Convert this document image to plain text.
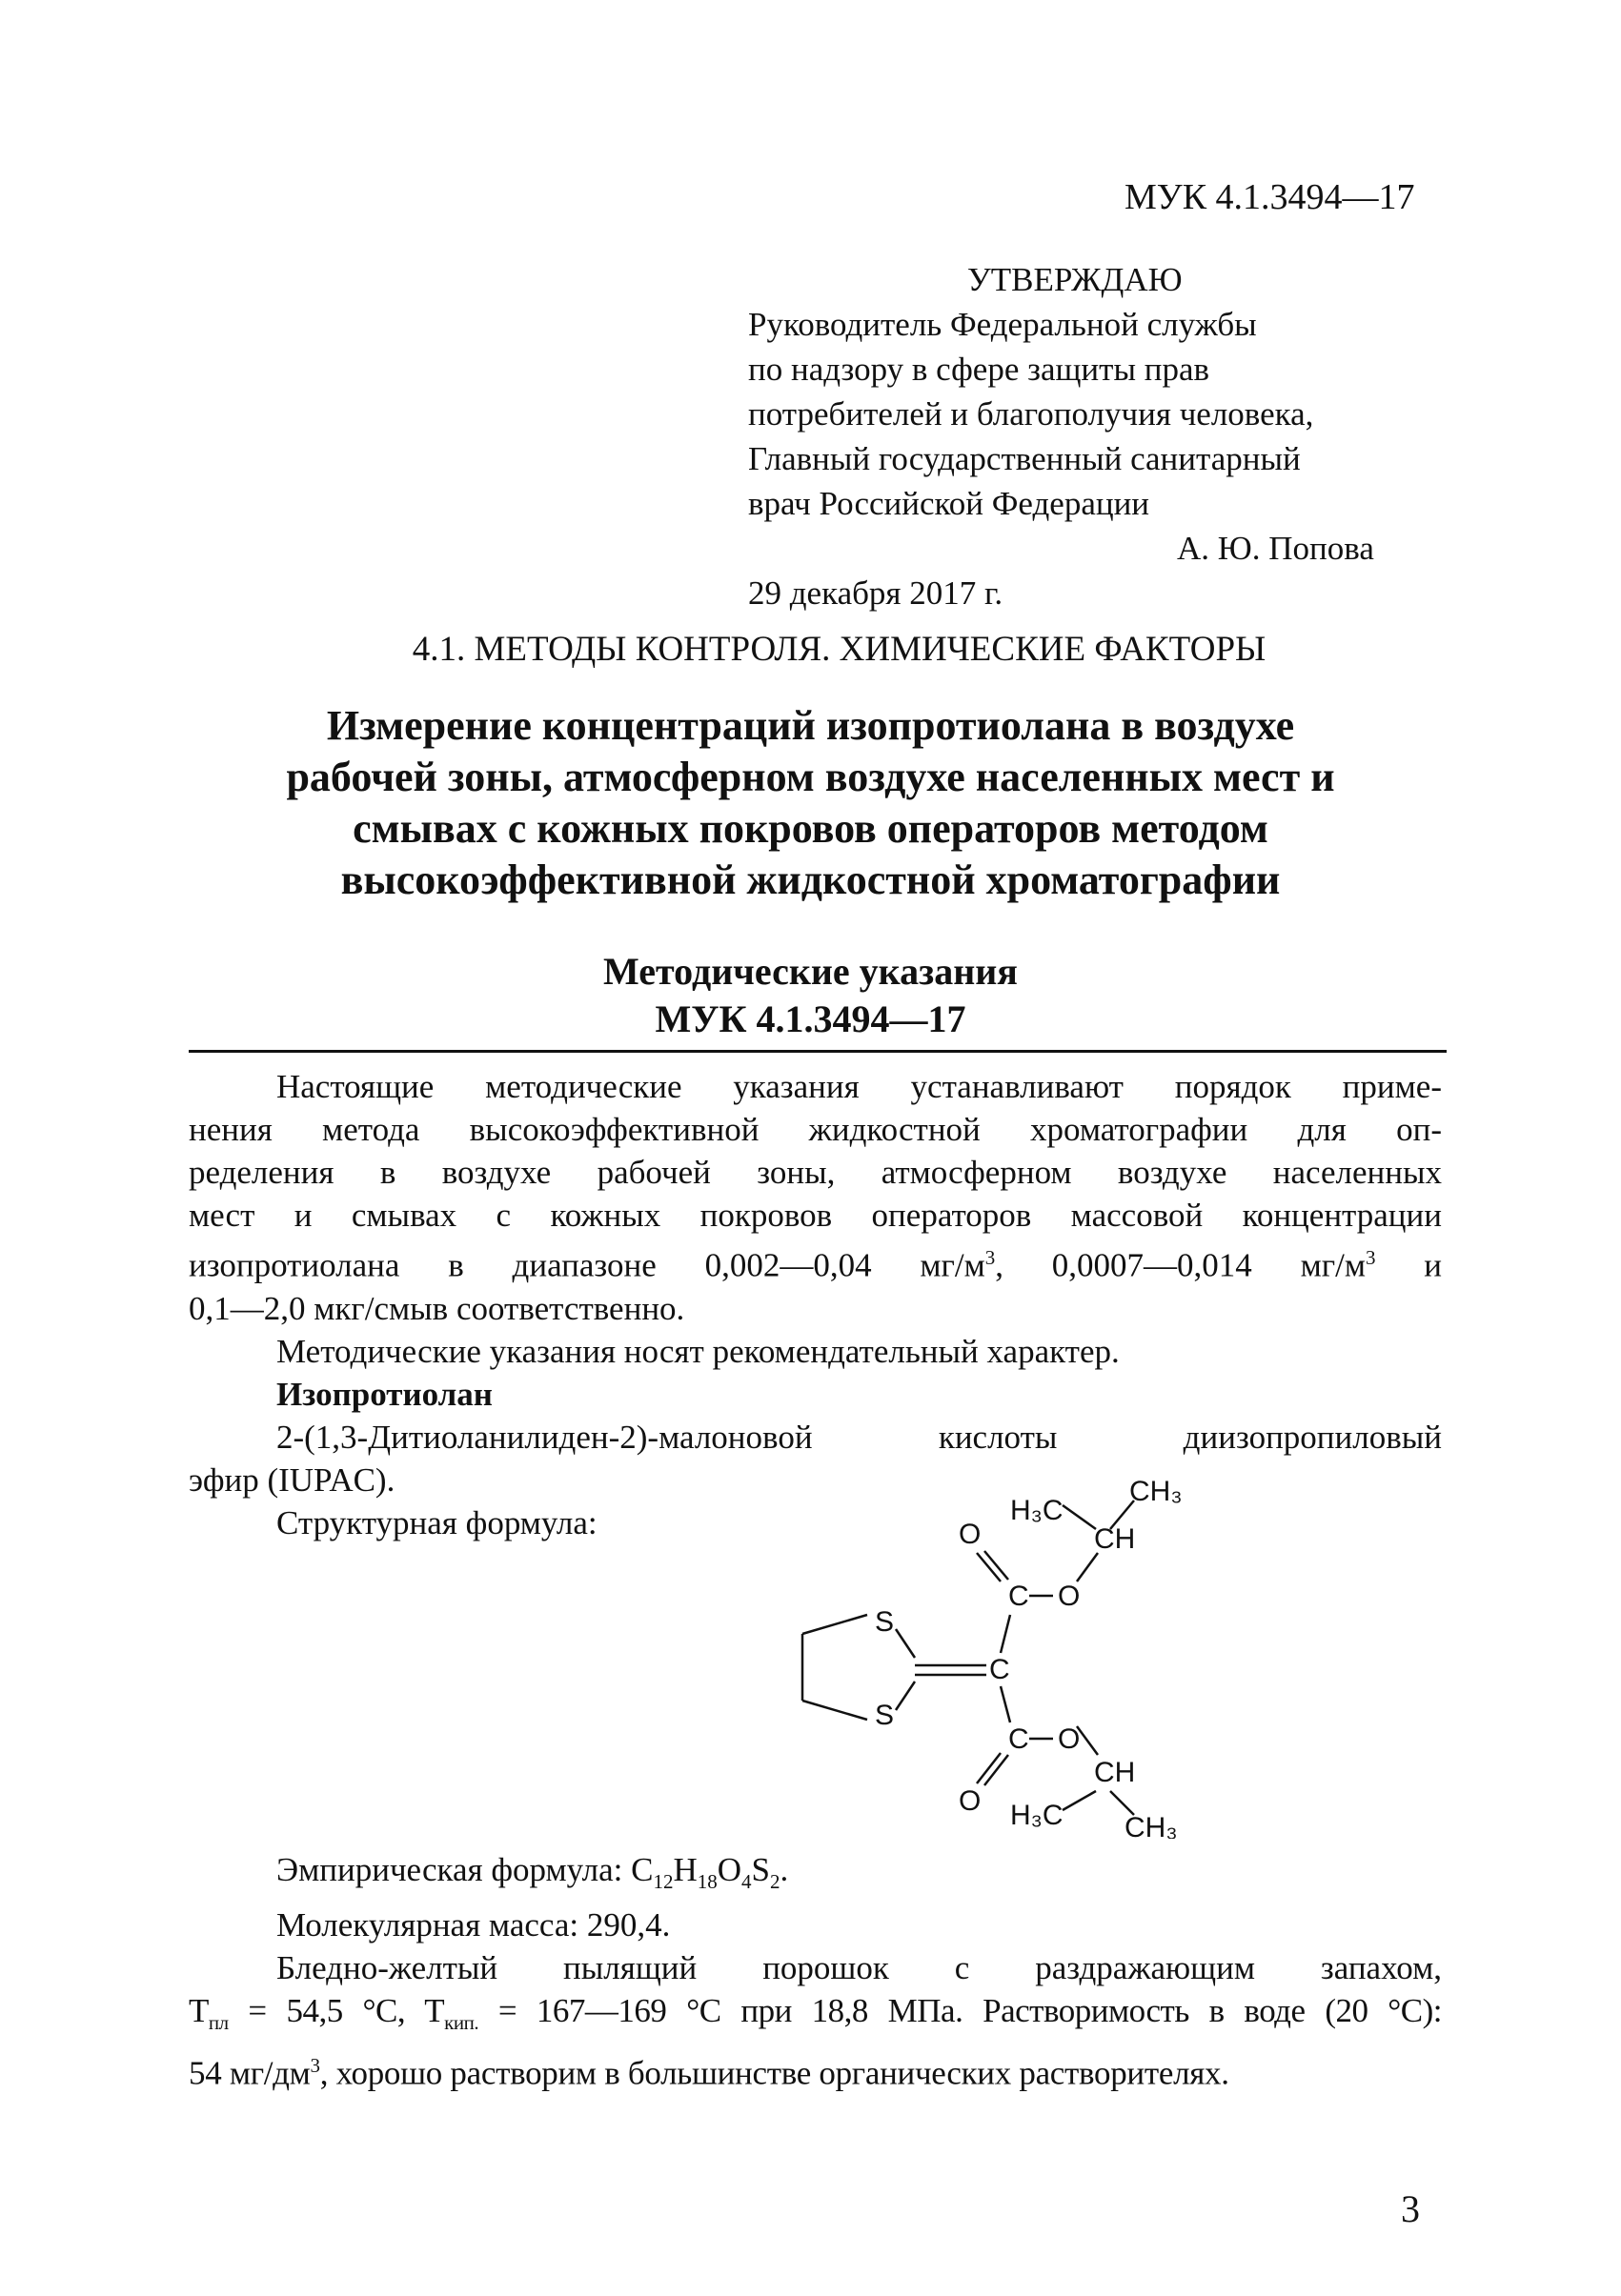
МУК 4.1.3494—17
УТВЕРЖДАЮ
Руководитель Федеральной службы
по надзору в сфере защиты прав
потребителей и благополучия человека,
Главный государственный санитарный
врач Российской Федерации
А. Ю. Попова
29 декабря 2017 г.
4.1. МЕТОДЫ КОНТРОЛЯ. ХИМИЧЕСКИЕ ФАКТОРЫ
Измерение концентраций изопротиолана в воздухе
рабочей зоны, атмосферном воздухе населенных мест и
смывах с кожных покровов операторов методом
высокоэффективной жидкостной хроматографии
Методические указания
МУК 4.1.3494—17
Настоящие методические указания устанавливают порядок приме-
нения метода высокоэффективной жидкостной хроматографии для оп-
ределения в воздухе рабочей зоны, атмосферном воздухе населенных
мест и смывах с кожных покровов операторов массовой концентрации
изопротиолана в диапазоне 0,002—0,04 $мг/м^3$, 0,0007—0,014 $мг/м^3$ и
0,1—2,0 мкг/смыв соответственно.
Методические указания носят рекомендательный характер.
Изопротиолан
2-(1,3-Дитиоланилиден-2)-малоновой кислоты диизопропиловый
эфир (IUPAC).
Структурная формула:
S
S
C
C
C
O
O
O
O
CH
CH
H₃C
CH₃
H₃C CH₃
Эмпирическая формула: $C_{12}H_{18}O_4S_2$.
Молекулярная масса: 290,4.
Бледно-желтый пылящий порошок с раздражающим запахом,
$T_{пл} = 54,5$ °C, $T_{кип.}$ = 167—169 °C при 18,8 МПа. Растворимость в воде (20 °C):
54 $мг/дм^3$, хорошо растворим в большинстве органических растворителях.
3
